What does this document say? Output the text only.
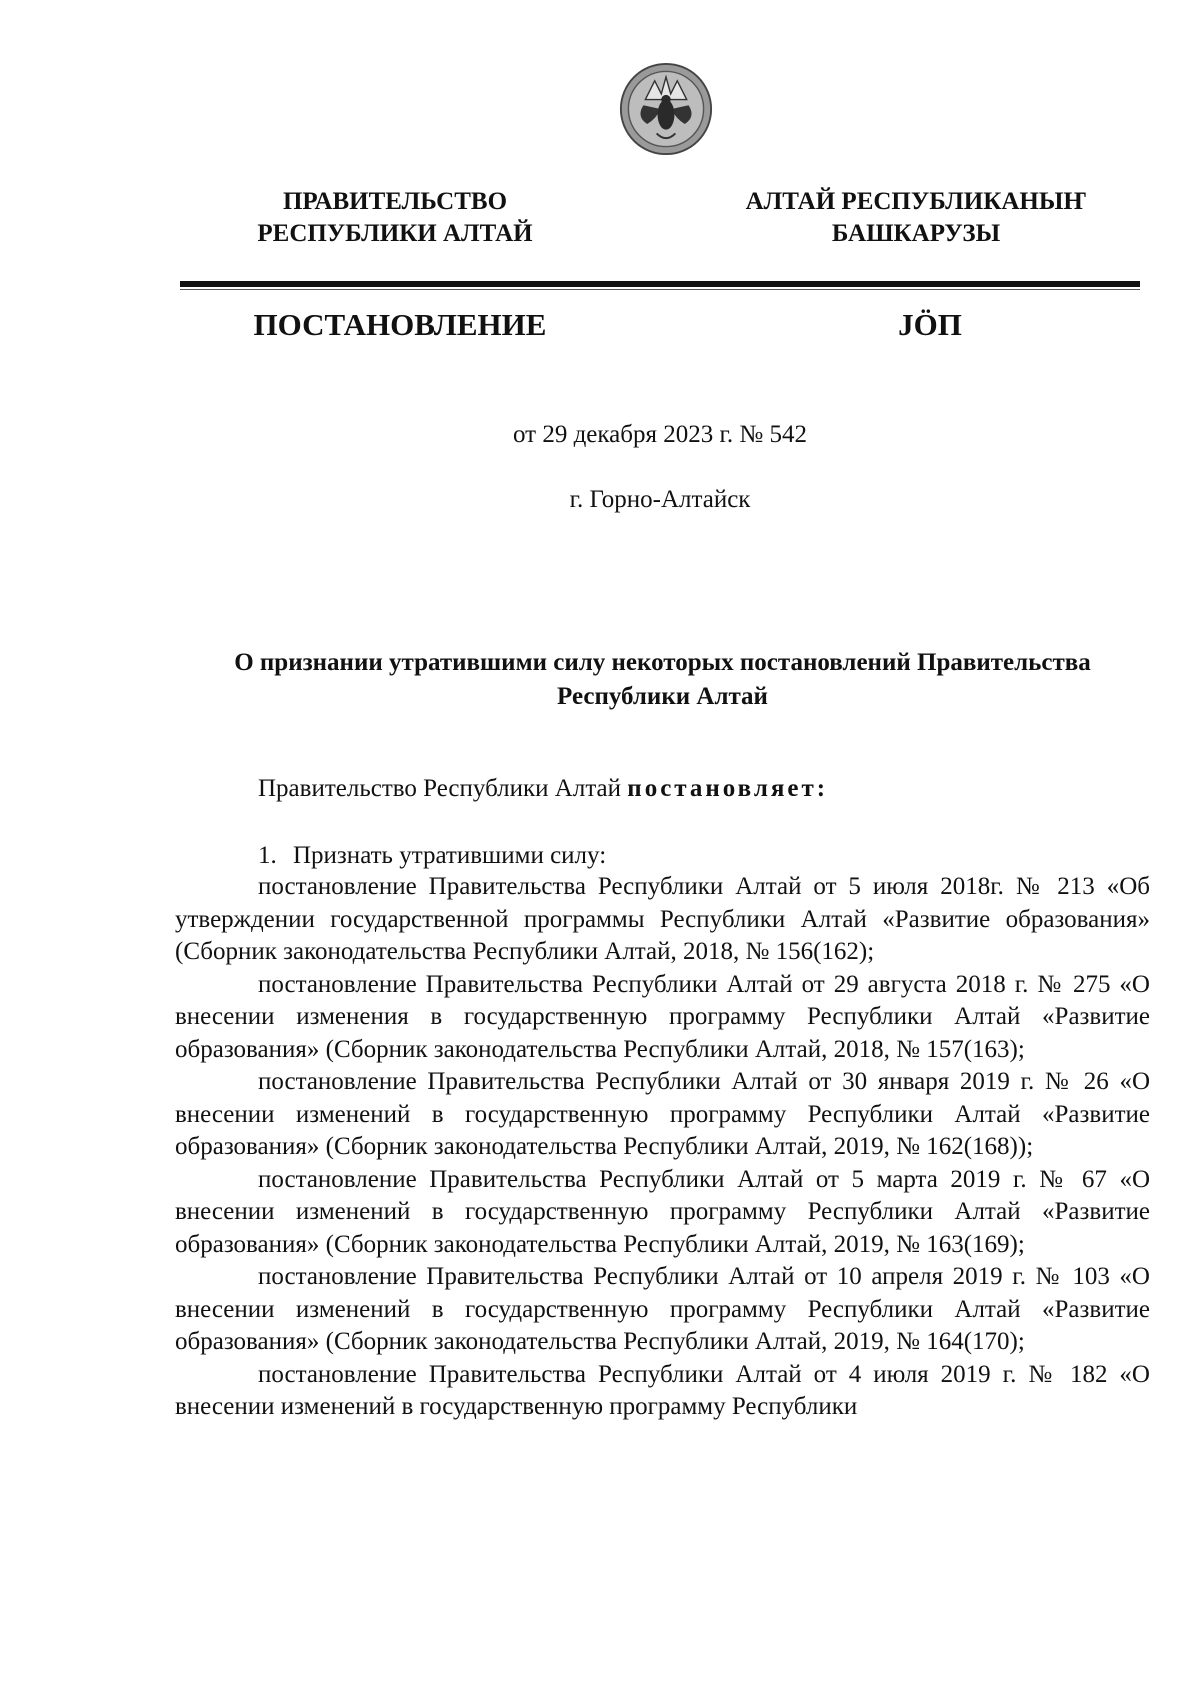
ПРАВИТЕЛЬСТВО
РЕСПУБЛИКИ АЛТАЙ
АЛТАЙ РЕСПУБЛИКАНЫҤ
БАШКАРУЗЫ

ПОСТАНОВЛЕНИЕ	JÖП

от 29 декабря 2023 г. № 542

г. Горно-Алтайск

О признании утратившими силу некоторых постановлений Правительства
Республики Алтай

Правительство Республики Алтай постановляет:

1. Признать утратившими силу:

постановление Правительства Республики Алтай от 5 июля 2018г. № 213 «Об утверждении государственной программы Республики Алтай «Развитие образования» (Сборник законодательства Республики Алтай, 2018, № 156(162);

постановление Правительства Республики Алтай от 29 августа 2018 г. № 275 «О внесении изменения в государственную программу Республики Алтай «Развитие образования» (Сборник законодательства Республики Алтай, 2018, № 157(163);

постановление Правительства Республики Алтай от 30 января 2019 г. № 26 «О внесении изменений в государственную программу Республики Алтай «Развитие образования» (Сборник законодательства Республики Алтай, 2019, № 162(168));

постановление Правительства Республики Алтай от 5 марта 2019 г. № 67 «О внесении изменений в государственную программу Республики Алтай «Развитие образования» (Сборник законодательства Республики Алтай, 2019, № 163(169);

постановление Правительства Республики Алтай от 10 апреля 2019 г. № 103 «О внесении изменений в государственную программу Республики Алтай «Развитие образования» (Сборник законодательства Республики Алтай, 2019, № 164(170);

постановление Правительства Республики Алтай от 4 июля 2019 г. № 182 «О внесении изменений в государственную программу Республики
